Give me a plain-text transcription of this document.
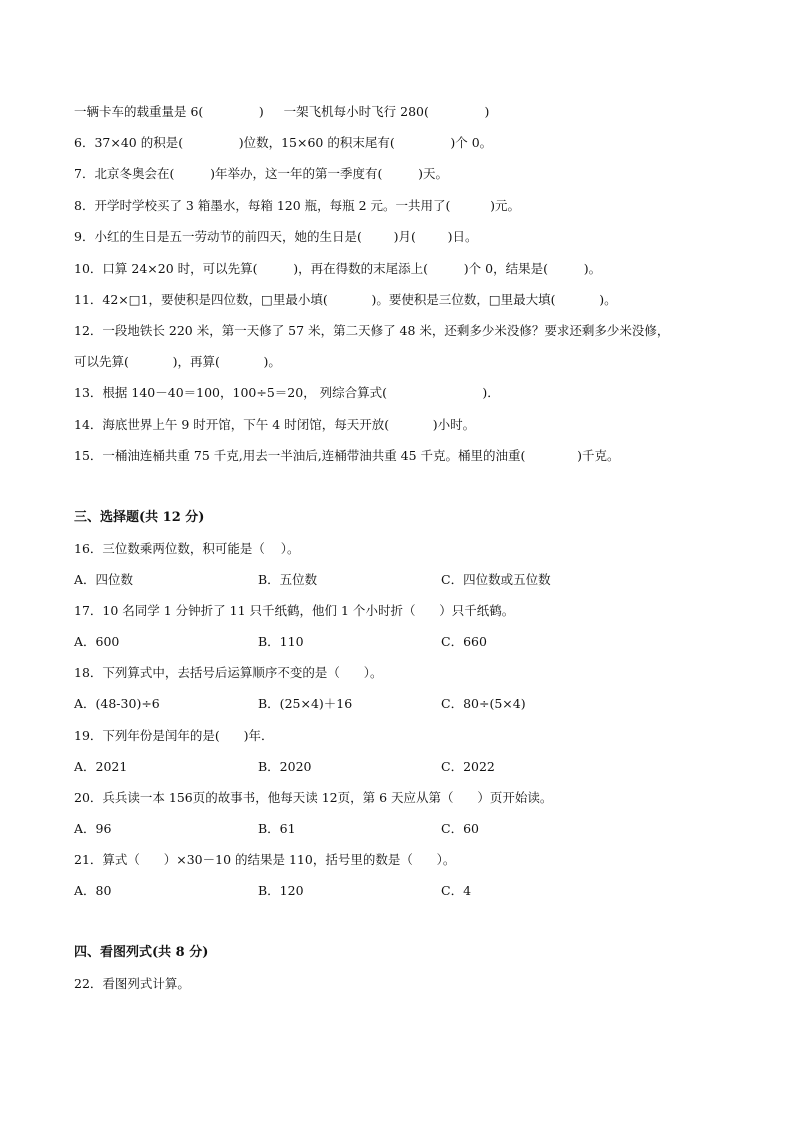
一辆卡车的载重量是 6(              )     一架飞机每小时飞行 280(              )
6．37×40 的积是(              )位数，15×60 的积末尾有(              )个 0。
7．北京冬奥会在(         )年举办，这一年的第一季度有(         )天。
8．开学时学校买了 3 箱墨水，每箱 120 瓶，每瓶 2 元。一共用了(          )元。
9．小红的生日是五一劳动节的前四天，她的生日是(        )月(        )日。
10．口算 24×20 时，可以先算(         )，再在得数的末尾添上(         )个 0，结果是(         )。
11．42×□1，要使积是四位数，□里最小填(           )。要使积是三位数，□里最大填(           )。
12．一段地铁长 220 米，第一天修了 57 米，第二天修了 48 米，还剩多少米没修？要求还剩多少米没修，
可以先算(           )，再算(           )。
13．根据 140－40＝100，100÷5＝20， 列综合算式(                        )．
14．海底世界上午 9 时开馆，下午 4 时闭馆，每天开放(           )小时。
15．一桶油连桶共重 75 千克,用去一半油后,连桶带油共重 45 千克。桶里的油重(             )千克。
三、选择题(共 12 分)
16．三位数乘两位数，积可能是（    ）。
A．四位数	B．五位数	C．四位数或五位数
17．10 名同学 1 分钟折了 11 只千纸鹤，他们 1 个小时折（      ）只千纸鹤。
A．600	B．110	C．660
18．下列算式中，去括号后运算顺序不变的是（      ）。
A．(48-30)÷6	B．(25×4)＋16	C．80÷(5×4)
19．下列年份是闰年的是(      )年．
A．2021	B．2020	C．2022
20．兵兵读一本 156页的故事书，他每天读 12页，第 6 天应从第（      ）页开始读。
A．96	B．61	C．60
21．算式（      ）×30－10 的结果是 110，括号里的数是（      ）。
A．80	B．120	C．4
四、看图列式(共 8 分)
22．看图列式计算。
